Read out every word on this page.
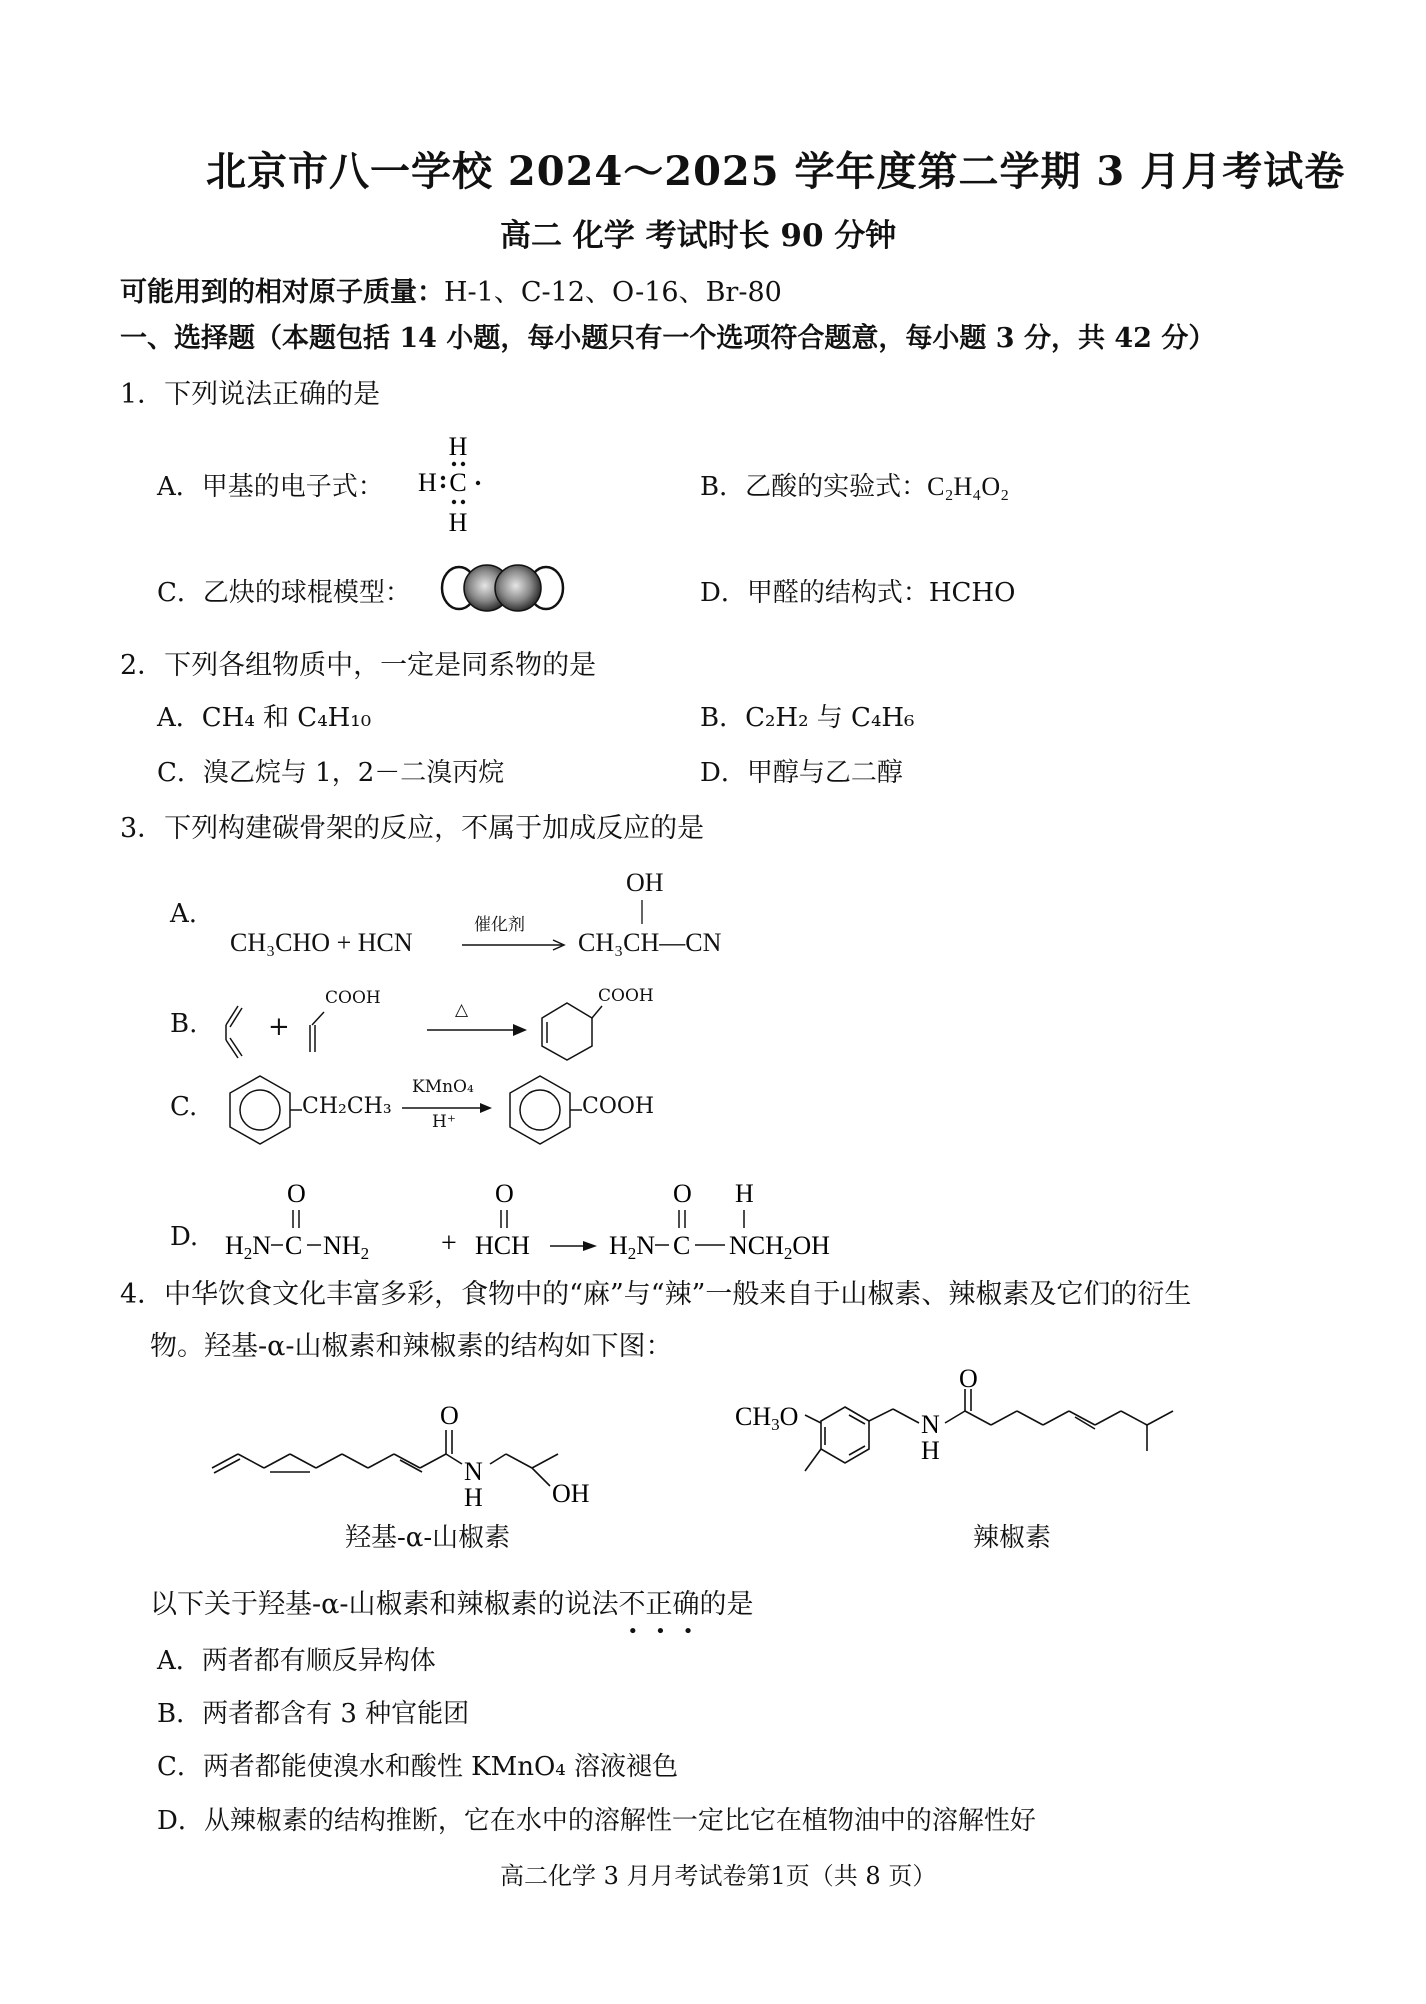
北京市八一学校 2024～2025 学年度第二学期 3 月月考试卷
高二 化学 考试时长 90 分钟
可能用到的相对原子质量：H-1、C-12、O-16、Br-80
一、选择题（本题包括 14 小题，每小题只有一个选项符合题意，每小题 3 分，共 42 分）
1．下列说法正确的是
A．甲基的电子式：
H
H C
H
B．乙酸的实验式：C₂H₄O₂
C．乙炔的球棍模型：	D．甲醛的结构式：HCHO
2．下列各组物质中，一定是同系物的是
A．CH₄ 和 C₄H₁₀	B．C₂H₂ 与 C₄H₆
C．溴乙烷与 1，2－二溴丙烷	D．甲醇与乙二醇
3．下列构建碳骨架的反应，不属于加成反应的是
A.
CH₃CHO + HCN
催化剂
CH₃CH—CN
OH
B.	+
COOH
△
COOH
C.	CH₂CH₃
KMnO₄
H⁺
COOH
D. H2N C NH2
O
+ HCH
O
H2N C
O
NCH2OH
H
4．中华饮食文化丰富多彩，食物中的“麻”与“辣”一般来自于山椒素、辣椒素及它们的衍生
物。羟基-α-山椒素和辣椒素的结构如下图：
O
N
H	OH
羟基-α-山椒素
CH3O
O
N
H
辣椒素
以下关于羟基-α-山椒素和辣椒素的说法不正确
•••
的是
A．两者都有顺反异构体
B．两者都含有 3 种官能团
C．两者都能使溴水和酸性 KMnO₄ 溶液褪色
D．从辣椒素的结构推断，它在水中的溶解性一定比它在植物油中的溶解性好
高二化学 3 月月考试卷第1页（共 8 页）
